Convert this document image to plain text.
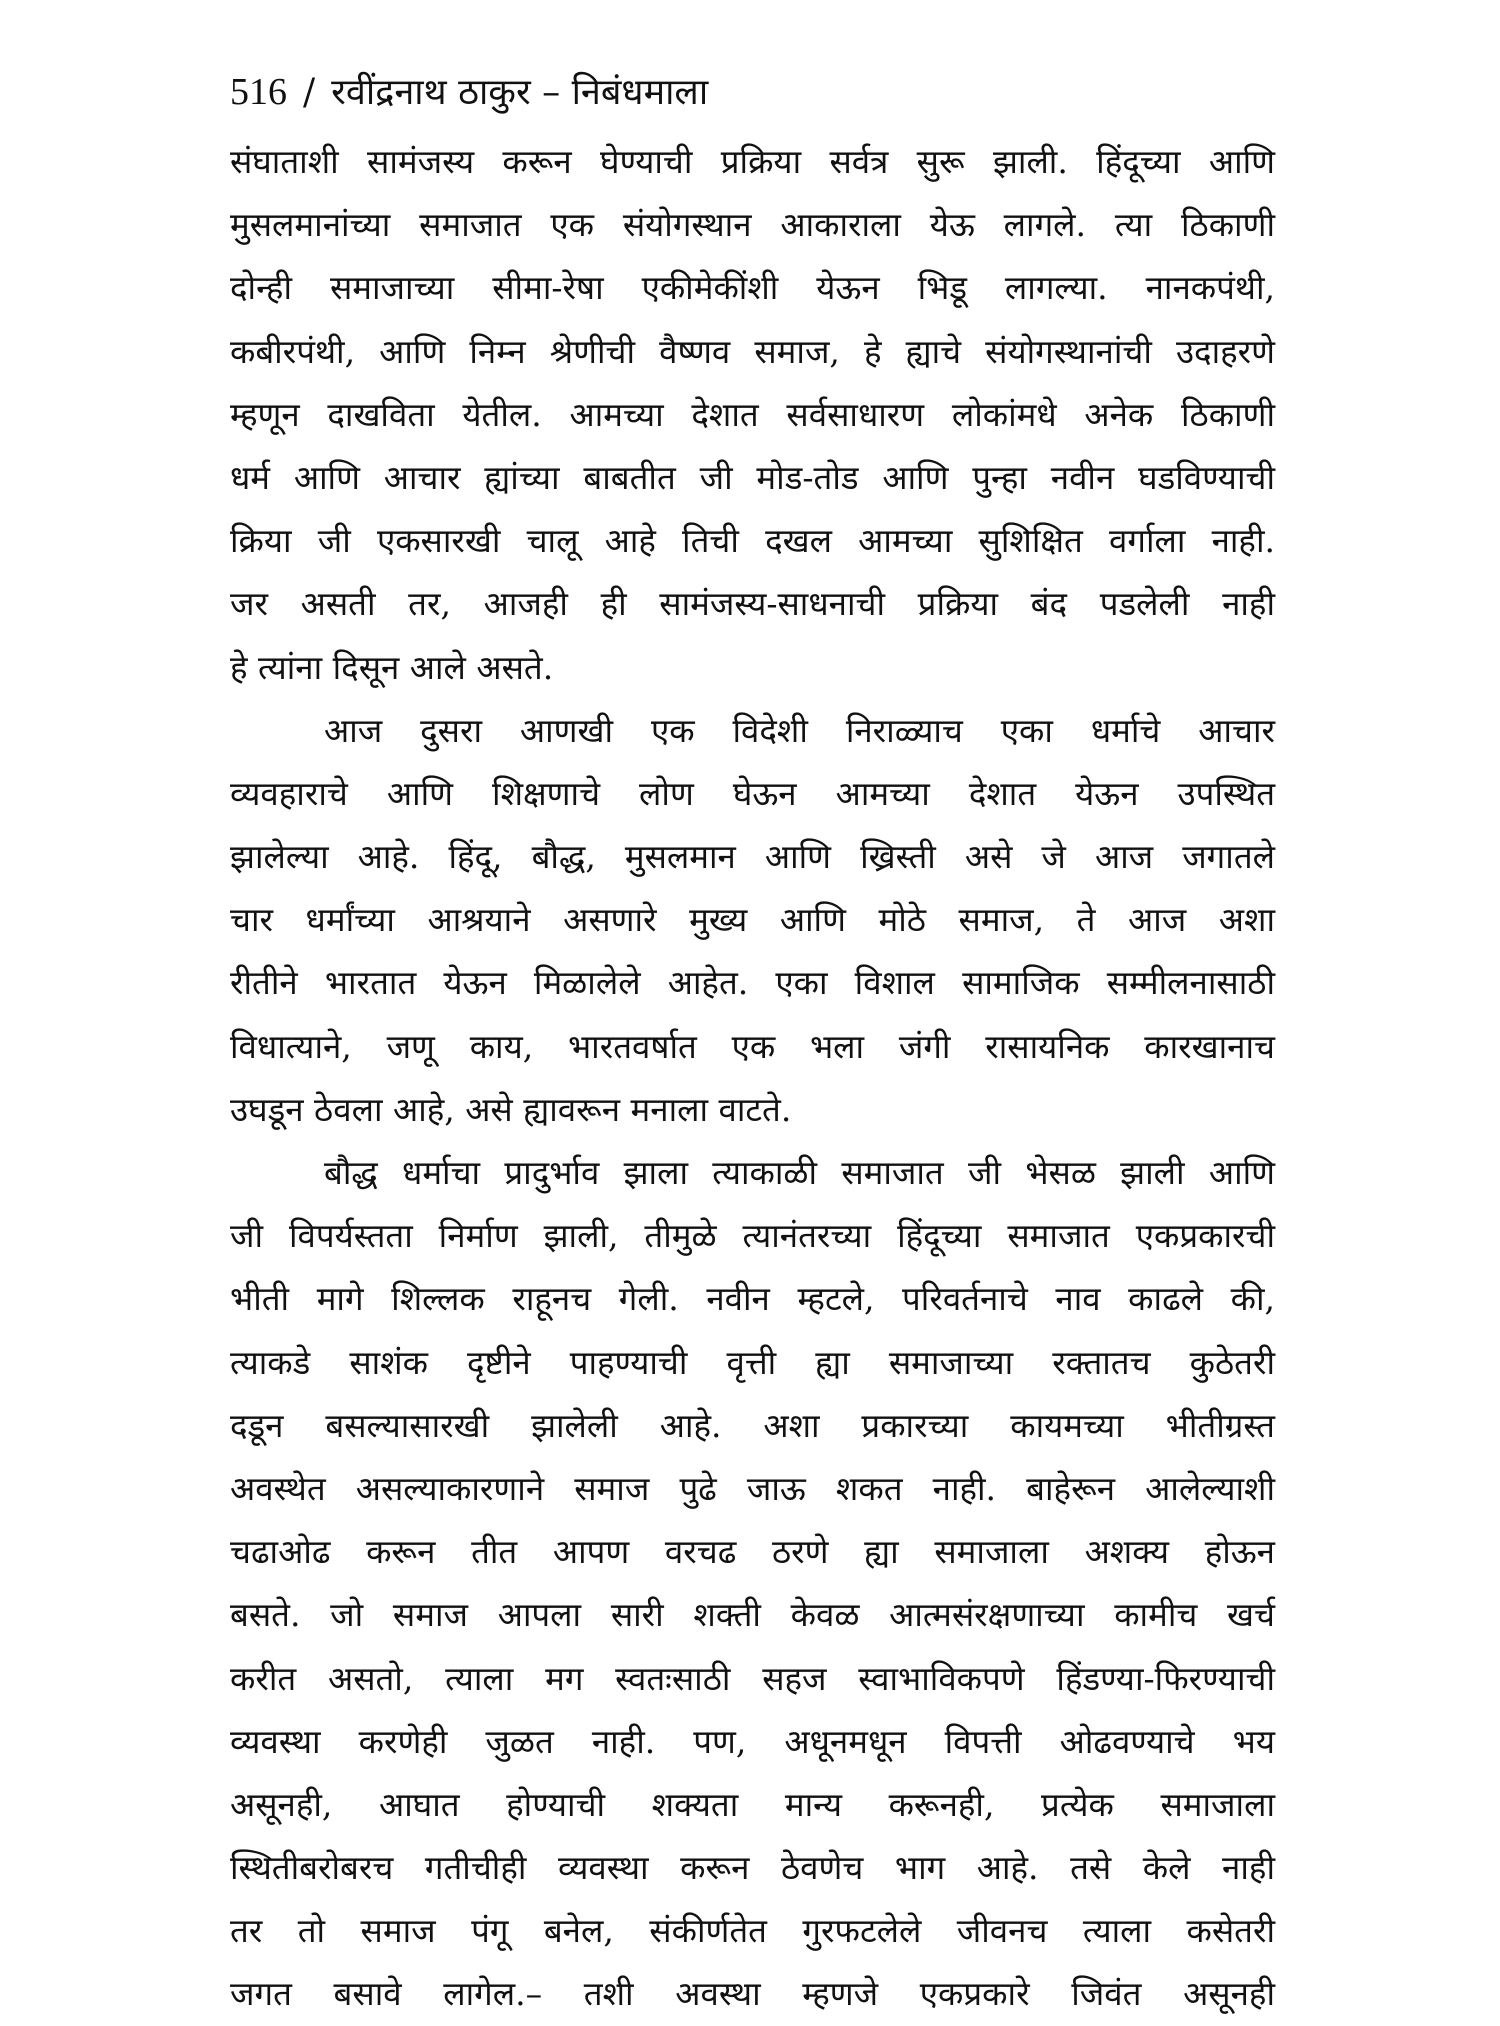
516 / रवींद्रनाथ ठाकुर – निबंधमाला
संघाताशी सामंजस्य करून घेण्याची प्रक्रिया सर्वत्र सुरू झाली. हिंदूच्या आणि
मुसलमानांच्या समाजात एक संयोगस्थान आकाराला येऊ लागले. त्या ठिकाणी
दोन्ही समाजाच्या सीमा-रेषा एकीमेकींशी येऊन भिडू लागल्या. नानकपंथी,
कबीरपंथी, आणि निम्न श्रेणीची वैष्णव समाज, हे ह्याचे संयोगस्थानांची उदाहरणे
म्हणून दाखविता येतील. आमच्या देशात सर्वसाधारण लोकांमधे अनेक ठिकाणी
धर्म आणि आचार ह्यांच्या बाबतीत जी मोड-तोड आणि पुन्हा नवीन घडविण्याची
क्रिया जी एकसारखी चालू आहे तिची दखल आमच्या सुशिक्षित वर्गाला नाही.
जर असती तर, आजही ही सामंजस्य-साधनाची प्रक्रिया बंद पडलेली नाही
हे त्यांना दिसून आले असते.
आज दुसरा आणखी एक विदेशी निराळ्याच एका धर्माचे आचार
व्यवहाराचे आणि शिक्षणाचे लोण घेऊन आमच्या देशात येऊन उपस्थित
झालेल्या आहे. हिंदू, बौद्ध, मुसलमान आणि ख्रिस्ती असे जे आज जगातले
चार धर्मांच्या आश्रयाने असणारे मुख्य आणि मोठे समाज, ते आज अशा
रीतीने भारतात येऊन मिळालेले आहेत. एका विशाल सामाजिक सम्मीलनासाठी
विधात्याने, जणू काय, भारतवर्षात एक भला जंगी रासायनिक कारखानाच
उघडून ठेवला आहे, असे ह्यावरून मनाला वाटते.
बौद्ध धर्माचा प्रादुर्भाव झाला त्याकाळी समाजात जी भेसळ झाली आणि
जी विपर्यस्तता निर्माण झाली, तीमुळे त्यानंतरच्या हिंदूच्या समाजात एकप्रकारची
भीती मागे शिल्लक राहूनच गेली. नवीन म्हटले, परिवर्तनाचे नाव काढले की,
त्याकडे साशंक दृष्टीने पाहण्याची वृत्ती ह्या समाजाच्या रक्तातच कुठेतरी
दडून बसल्यासारखी झालेली आहे. अशा प्रकारच्या कायमच्या भीतीग्रस्त
अवस्थेत असल्याकारणाने समाज पुढे जाऊ शकत नाही. बाहेरून आलेल्याशी
चढाओढ करून तीत आपण वरचढ ठरणे ह्या समाजाला अशक्य होऊन
बसते. जो समाज आपला सारी शक्ती केवळ आत्मसंरक्षणाच्या कामीच खर्च
करीत असतो, त्याला मग स्वतःसाठी सहज स्वाभाविकपणे हिंडण्या-फिरण्याची
व्यवस्था करणेही जुळत नाही. पण, अधूनमधून विपत्ती ओढवण्याचे भय
असूनही, आघात होण्याची शक्यता मान्य करूनही, प्रत्येक समाजाला
स्थितीबरोबरच गतीचीही व्यवस्था करून ठेवणेच भाग आहे. तसे केले नाही
तर तो समाज पंगू बनेल, संकीर्णतेत गुरफटलेले जीवनच त्याला कसेतरी
जगत बसावे लागेल.– तशी अवस्था म्हणजे एकप्रकारे जिवंत असूनही
